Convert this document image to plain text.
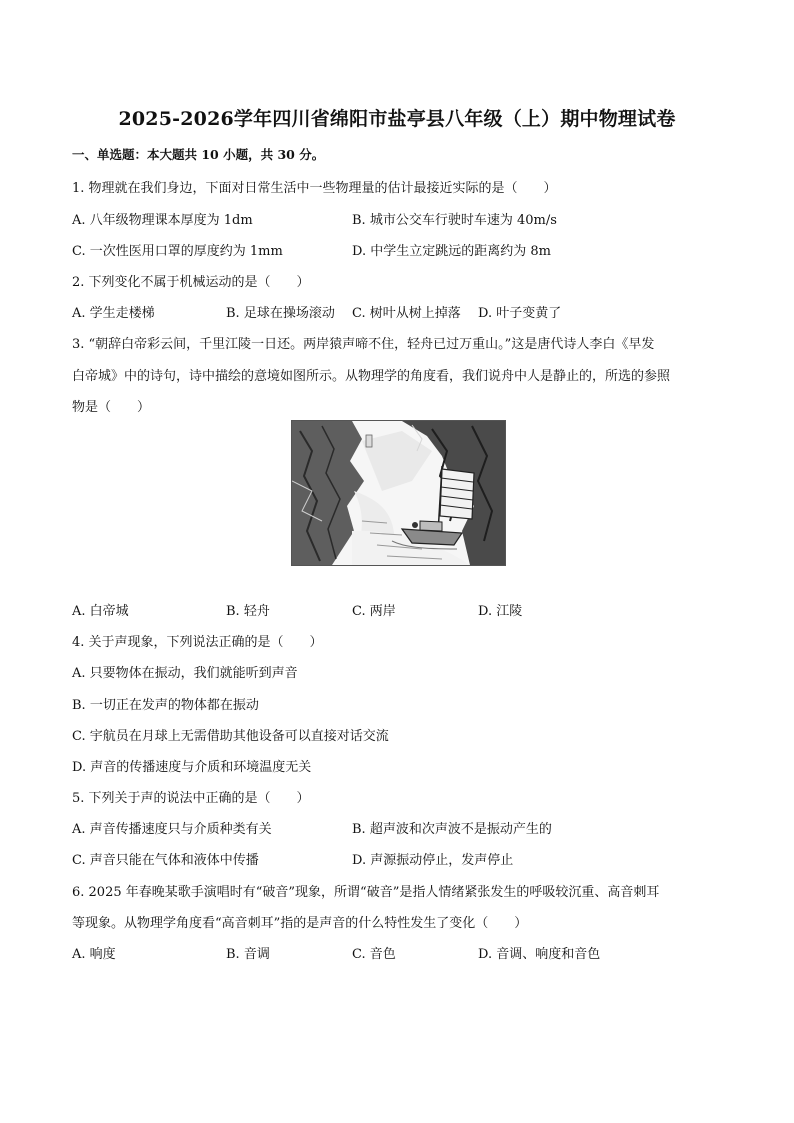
2025-2026学年四川省绵阳市盐亭县八年级（上）期中物理试卷
一、单选题：本大题共 10 小题，共 30 分。
1. 物理就在我们身边，下面对日常生活中一些物理量的估计最接近实际的是（　　）
A. 八年级物理课本厚度为 1dm	B. 城市公交车行驶时车速为 40m/s
C. 一次性医用口罩的厚度约为 1mm	D. 中学生立定跳远的距离约为 8m
2. 下列变化不属于机械运动的是（　　）
A. 学生走楼梯	B. 足球在操场滚动 C. 树叶从树上掉落 D. 叶子变黄了
3. “朝辞白帝彩云间，千里江陵一日还。两岸猿声啼不住，轻舟已过万重山。”这是唐代诗人李白《早发
白帝城》中的诗句，诗中描绘的意境如图所示。从物理学的角度看，我们说舟中人是静止的，所选的参照
物是（　　）
A. 白帝城	B. 轻舟	C. 两岸	D. 江陵
4. 关于声现象，下列说法正确的是（　　）
A. 只要物体在振动，我们就能听到声音
B. 一切正在发声的物体都在振动
C. 宇航员在月球上无需借助其他设备可以直接对话交流
D. 声音的传播速度与介质和环境温度无关
5. 下列关于声的说法中正确的是（　　）
A. 声音传播速度只与介质种类有关	B. 超声波和次声波不是振动产生的
C. 声音只能在气体和液体中传播	D. 声源振动停止，发声停止
6. 2025 年春晚某歌手演唱时有“破音”现象，所谓“破音”是指人情绪紧张发生的呼吸较沉重、高音刺耳
等现象。从物理学角度看“高音刺耳”指的是声音的什么特性发生了变化（　　）
A. 响度	B. 音调	C. 音色	D. 音调、响度和音色
